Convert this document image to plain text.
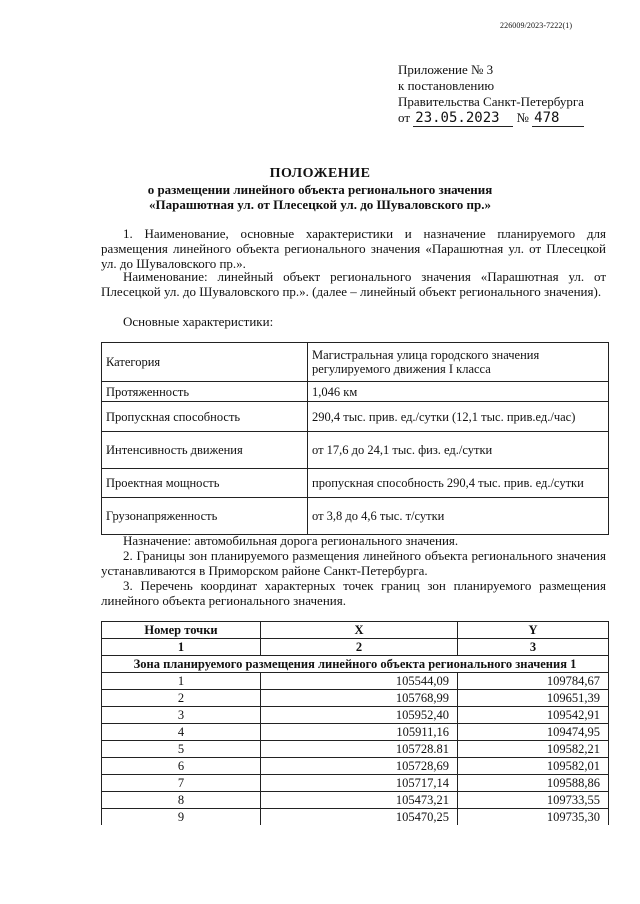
226009/2023-7222(1)
Приложение № 3
к постановлению
Правительства Санкт-Петербурга
от 23.05.2023 № 478
ПОЛОЖЕНИЕ
о размещении линейного объекта регионального значения
«Парашютная ул. от Плесецкой ул. до Шуваловского пр.»
1. Наименование, основные характеристики и назначение планируемого для размещения линейного объекта регионального значения «Парашютная ул. от Плесецкой ул. до Шуваловского пр.».
Наименование: линейный объект регионального значения «Парашютная ул. от Плесецкой ул. до Шуваловского пр.». (далее – линейный объект регионального значения).
Основные характеристики:
Категория	Магистральная улица городского значения регулируемого движения I класса
Протяженность	1,046 км
Пропускная способность	290,4 тыс. прив. ед./сутки (12,1 тыс. прив.ед./час)
Интенсивность движения	от 17,6 до 24,1 тыс. физ. ед./сутки
Проектная мощность	пропускная способность 290,4 тыс. прив. ед./сутки
Грузонапряженность	от 3,8 до 4,6 тыс. т/сутки
Назначение: автомобильная дорога регионального значения.
2. Границы зон планируемого размещения линейного объекта регионального значения устанавливаются в Приморском районе Санкт-Петербурга.
3. Перечень координат характерных точек границ зон планируемого размещения линейного объекта регионального значения.
Номер точки	X	Y
1	2	3
Зона планируемого размещения линейного объекта регионального значения 1		
1	105544,09	109784,67
2	105768,99	109651,39
3	105952,40	109542,91
4	105911,16	109474,95
5	105728.81	109582,21
6	105728,69	109582,01
7	105717,14	109588,86
8	105473,21	109733,55
9	105470,25	109735,30
